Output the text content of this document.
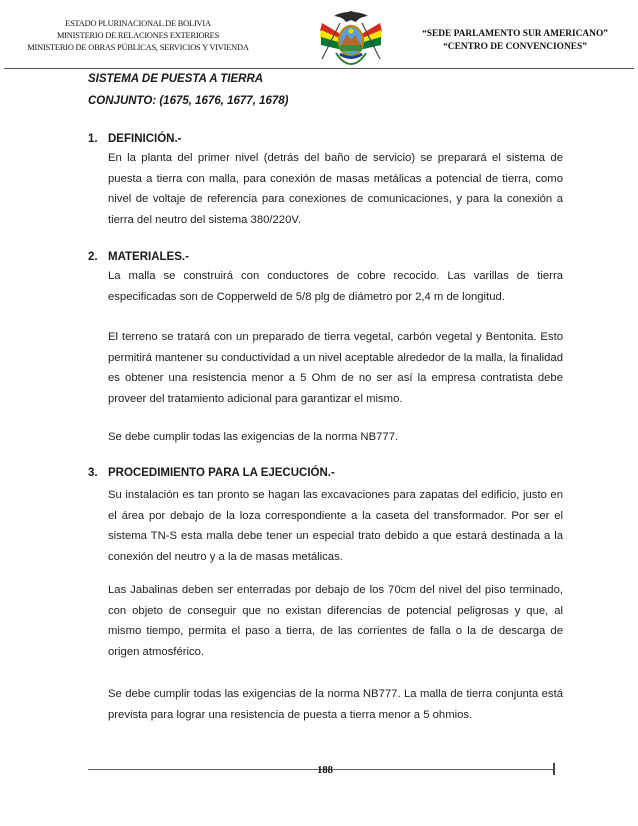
ESTADO PLURINACIONAL DE BOLIVIA
MINISTERIO DE RELACIONES EXTERIORES
MINISTERIO DE OBRAS PÚBLICAS, SERVICIOS Y VIVIENDA
“SEDE PARLAMENTO SUR AMERICANO”
“CENTRO DE CONVENCIONES”
SISTEMA DE PUESTA A TIERRA
CONJUNTO: (1675, 1676, 1677, 1678)
1. DEFINICIÓN.-
En la planta del primer nivel (detrás del baño de servicio) se preparará el sistema de puesta a tierra con malla, para conexión de masas metálicas a potencial de tierra, como nivel de voltaje de referencia para conexiones de comunicaciones, y para la conexión a tierra del neutro del sistema 380/220V.
2. MATERIALES.-
La malla se construirá con conductores de cobre recocido. Las varillas de tierra especificadas son de Copperweld de 5/8 plg de diámetro por 2,4 m de longitud.
El terreno se tratará con un preparado de tierra vegetal, carbón vegetal y Bentonita. Esto permitirá mantener su conductividad a un nivel aceptable alrededor de la malla, la finalidad es obtener una resistencia menor a 5 Ohm de no ser así la empresa contratista debe proveer del tratamiento adicional para garantizar el mismo.
Se debe cumplir todas las exigencias de la norma NB777.
3. PROCEDIMIENTO PARA LA EJECUCIÓN.-
Su instalación es tan pronto se hagan las excavaciones para zapatas del edificio, justo en el área por debajo de la loza correspondiente a la caseta del transformador. Por ser el sistema TN-S esta malla debe tener un especial trato debido a que estará destinada a la conexión del neutro y a la de masas metálicas.
Las Jabalinas deben ser enterradas por debajo de los 70cm del nivel del piso terminado, con objeto de conseguir que no existan diferencias de potencial peligrosas y que, al mismo tiempo, permita el paso a tierra, de las corrientes de falla o la de descarga de origen atmosférico.
Se debe cumplir todas las exigencias de la norma NB777. La malla de tierra conjunta está prevista para lograr una resistencia de puesta a tierra menor a 5 ohmios.
188
